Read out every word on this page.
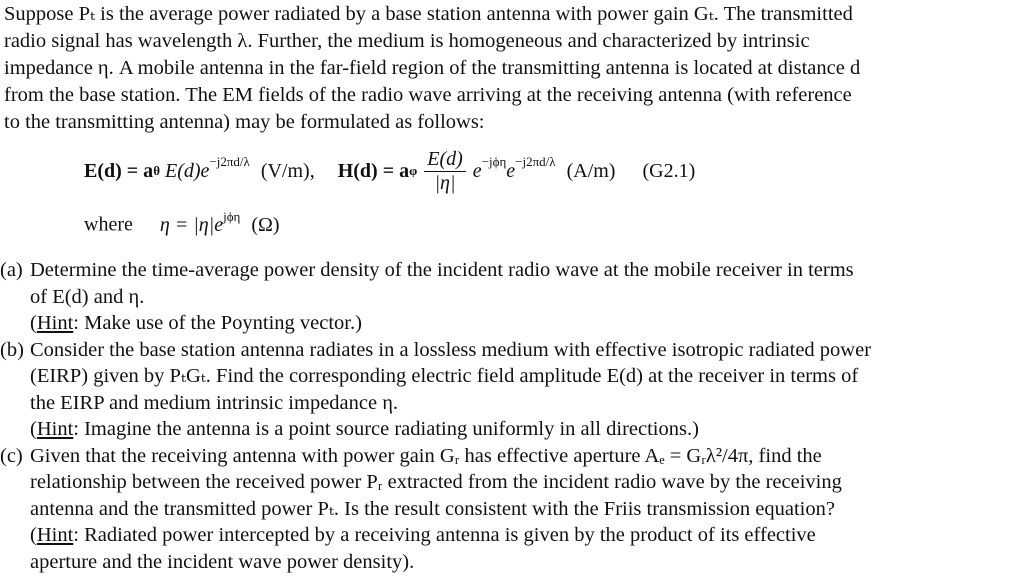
Suppose Pₜ is the average power radiated by a base station antenna with power gain Gₜ. The transmitted

radio signal has wavelength λ. Further, the medium is homogeneous and characterized by intrinsic

impedance η. A mobile antenna in the far-field region of the transmitting antenna is located at distance d

from the base station. The EM fields of the radio wave arriving at the receiving antenna (with reference

to the transmitting antenna) may be formulated as follows:

E(d) = aθ $E(d)e^{-j2\pi d/\lambda}$ (V/m), H(d) = aφ $\frac{E(d)}{|\eta|} e^{-j\phi\eta}e^{-j2\pi d/\lambda}$ (A/m) (G2.1)
where $\eta = |\eta|e^{j\phi\eta}$ (Ω)
(a) Determine the time-average power density of the incident radio wave at the mobile receiver in terms

of E(d) and η.

(Hint: Make use of the Poynting vector.)

(b) Consider the base station antenna radiates in a lossless medium with effective isotropic radiated power

(EIRP) given by PₜGₜ. Find the corresponding electric field amplitude E(d) at the receiver in terms of

the EIRP and medium intrinsic impedance η.

(Hint: Imagine the antenna is a point source radiating uniformly in all directions.)

(c) Given that the receiving antenna with power gain Gᵣ has effective aperture Aₑ = Gᵣλ²/4π, find the

relationship between the received power Pᵣ extracted from the incident radio wave by the receiving

antenna and the transmitted power Pₜ. Is the result consistent with the Friis transmission equation?

(Hint: Radiated power intercepted by a receiving antenna is given by the product of its effective

aperture and the incident wave power density).
